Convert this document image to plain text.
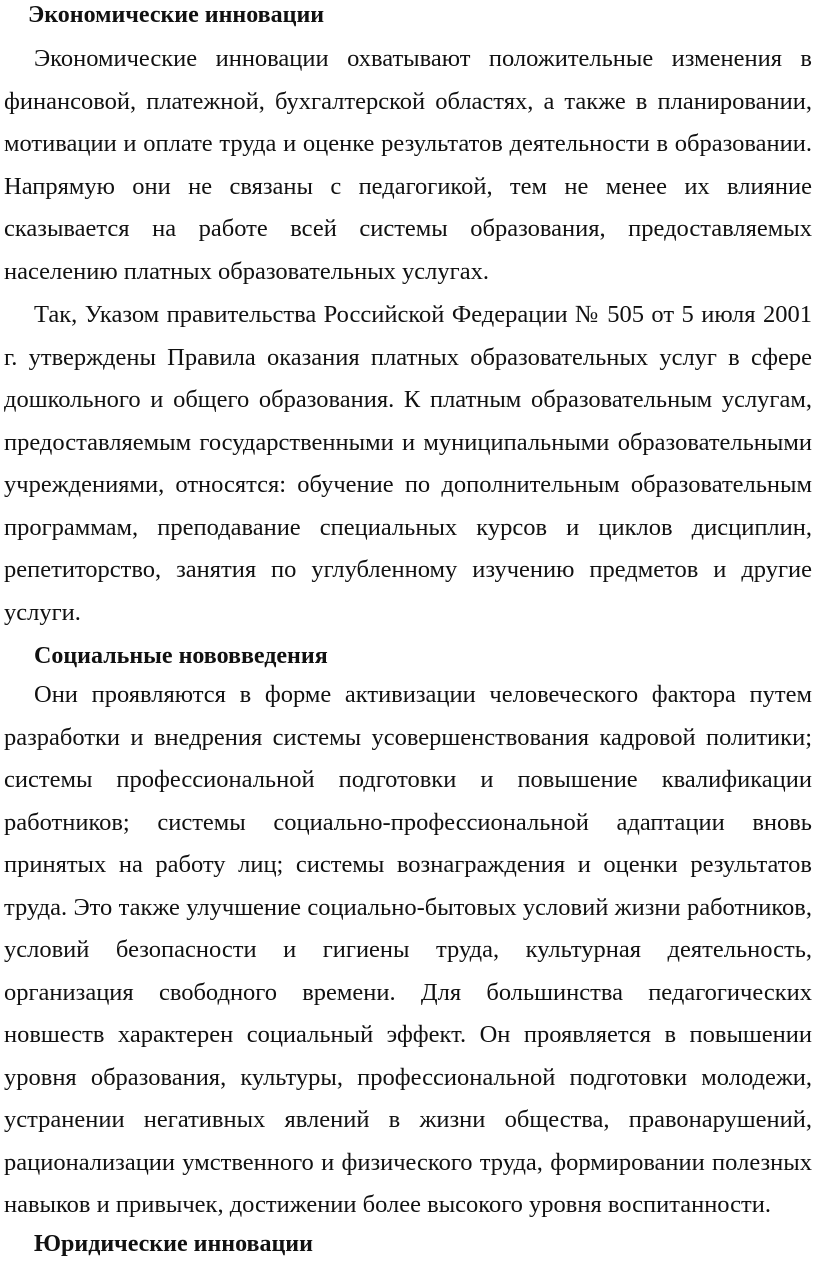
Экономические инновации

Экономические инновации охватывают положительные изменения в финансовой, платежной, бухгалтерской областях, а также в планировании, мотивации и оплате труда и оценке результатов деятельности в образовании. Напрямую они не связаны с педагогикой, тем не менее их влияние сказывается на работе всей системы образования, предоставляемых населению платных образовательных услугах.

Так, Указом правительства Российской Федерации № 505 от 5 июля 2001 г. утверждены Правила оказания платных образовательных услуг в сфере дошкольного и общего образования. К платным образовательным услугам, предоставляемым государственными и муниципальными образовательными учреждениями, относятся: обучение по дополнительным образовательным программам, преподавание специальных курсов и циклов дисциплин, репетиторство, занятия по углубленному изучению предметов и другие услуги.

Социальные нововведения

Они проявляются в форме активизации человеческого фактора путем разработки и внедрения системы усовершенствования кадровой политики; системы профессиональной подготовки и повышение квалификации работников; системы социально-профессиональной адаптации вновь принятых на работу лиц; системы вознаграждения и оценки результатов труда. Это также улучшение социально-бытовых условий жизни работников, условий безопасности и гигиены труда, культурная деятельность, организация свободного времени. Для большинства педагогических новшеств характерен социальный эффект. Он проявляется в повышении уровня образования, культуры, профессиональной подготовки молодежи, устранении негативных явлений в жизни общества, правонарушений, рационализации умственного и физического труда, формировании полезных навыков и привычек, достижении более высокого уровня воспитанности.

Юридические инновации
